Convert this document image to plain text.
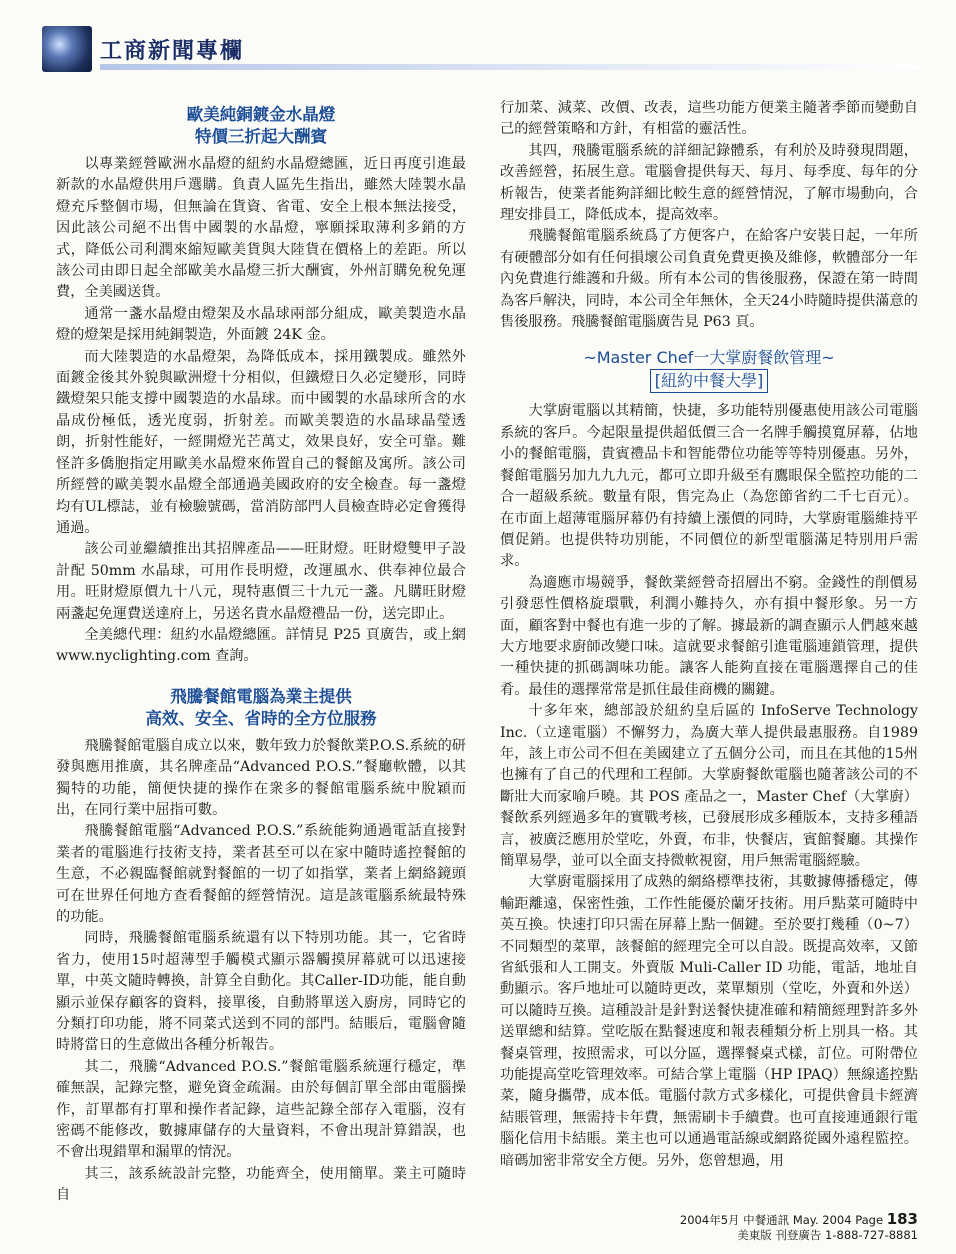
工商新聞專欄
歐美純銅鍍金水晶燈
特價三折起大酬賓

以專業經營歐洲水晶燈的紐約水晶燈總匯，近日再度引進最新款的水晶燈供用戶選購。負責人區先生指出，雖然大陸製水晶燈充斥整個市場，但無論在貨資、省電、安全上根本無法接受，因此該公司絕不出售中國製的水晶燈，寧願採取薄利多銷的方式，降低公司利潤來縮短歐美貨與大陸貨在價格上的差距。所以該公司由即日起全部歐美水晶燈三折大酬賓，外州訂購免稅免運費，全美國送貨。

通常一盞水晶燈由燈架及水晶球兩部分組成，歐美製造水晶燈的燈架是採用純銅製造，外面鍍 24K 金。

而大陸製造的水晶燈架，為降低成本，採用鐵製成。雖然外面鍍金後其外貌與歐洲燈十分相似，但鐵燈日久必定變形，同時鐵燈架只能支撐中國製造的水晶球。而中國製的水晶球所含的水晶成份極低，透光度弱，折射差。而歐美製造的水晶球晶瑩透朗，折射性能好，一經開燈光芒萬丈，效果良好，安全可靠。難怪許多僑胞指定用歐美水晶燈來佈置自己的餐館及寓所。該公司所經營的歐美製水晶燈全部通過美國政府的安全檢查。每一盞燈均有UL標誌，並有檢驗號碼，當消防部門人員檢查時必定會獲得通過。

該公司並繼續推出其招牌產品——旺財燈。旺財燈雙甲子設計配 50mm 水晶球，可用作長明燈，改運風水、供奉神位最合用。旺財燈原價九十八元，現特惠價三十九元一盞。凡購旺財燈兩盞起免運費送達府上，另送名貴水晶燈禮品一份，送完即止。

全美總代理：紐約水晶燈總匯。詳情見 P25 頁廣告，或上網 www.nyclighting.com 查詢。

飛騰餐館電腦為業主提供
高效、安全、省時的全方位服務

飛騰餐館電腦自成立以來，數年致力於餐飲業P.O.S.系統的研發與應用推廣，其名牌產品“Advanced P.O.S.”餐廳軟體，以其獨特的功能，簡便快捷的操作在衆多的餐館電腦系統中脫穎而出，在同行業中屈指可數。

飛騰餐館電腦“Advanced P.O.S.”系統能夠通過電話直接對業者的電腦進行技術支持，業者甚至可以在家中隨時遙控餐館的生意，不必親臨餐館就對餐館的一切了如指掌，業者上網絡鏡頭可在世界任何地方查看餐館的經營情況。這是該電腦系統最特殊的功能。

同時，飛騰餐館電腦系統還有以下特別功能。其一，它省時省力，使用15吋超薄型手觸模式顯示器觸摸屏幕就可以迅速接單，中英文隨時轉換，計算全自動化。其Caller-ID功能，能自動顯示並保存顧客的資料，接單後，自動將單送入廚房，同時它的分類打印功能，將不同菜式送到不同的部門。結賬后，電腦會隨時將當日的生意做出各種分析報告。

其二，飛騰“Advanced P.O.S.”餐館電腦系統運行穩定，準確無誤，記錄完整，避免資金疏漏。由於每個訂單全部由電腦操作，訂單都有打單和操作者記錄，這些記錄全部存入電腦，沒有密碼不能修改，數據庫儲存的大量資料，不會出現計算錯誤，也不會出現錯單和漏單的情況。

其三，該系統設計完整，功能齊全，使用簡單。業主可隨時自

行加菜、減菜、改價、改表，這些功能方便業主隨著季節而變動自己的經營策略和方針，有相當的靈活性。

其四，飛騰電腦系統的詳細記錄體系，有利於及時發現問題，改善經營，拓展生意。電腦會提供每天、每月、每季度、每年的分析報告，使業者能夠詳細比較生意的經營情況，了解市場動向，合理安排員工，降低成本，提高效率。

飛騰餐館電腦系統爲了方便客户，在給客户安裝日起，一年所有硬體部分如有任何損壞公司負責免費更換及維修，軟體部分一年內免費進行維護和升級。所有本公司的售後服務，保證在第一時間為客戶解決，同時，本公司全年無休，全天24小時隨時提供滿意的售後服務。飛騰餐館電腦廣告見 P63 頁。

~Master Chef一大掌廚餐飲管理~
[紐約中餐大學]

大掌廚電腦以其精簡，快捷，多功能特別優惠使用該公司電腦系統的客戶。今起限量提供超低價三合一名牌手觸摸寬屏幕，佔地小的餐館電腦，貴賓禮品卡和智能帶位功能等等特別優惠。另外，餐館電腦另加九九九元，都可立即升級至有鷹眼保全監控功能的二合一超級系統。數量有限，售完為止（為您節省約二千七百元）。在市面上超薄電腦屏幕仍有持續上漲價的同時，大掌廚電腦維持平價促銷。也提供特功別能，不同價位的新型電腦滿足特別用戶需求。

為適應市場競爭，餐飲業經營奇招層出不窮。金錢性的削價易引發惡性價格旋環戰，利潤小難持久，亦有損中餐形象。另一方面，顧客對中餐也有進一步的了解。據最新的調查顯示人們越來越大方地要求廚師改變口味。這就要求餐館引進電腦連鎖管理，提供一種快捷的抓碼調味功能。讓客人能夠直接在電腦選擇自己的佳肴。最佳的選擇常常是抓住最佳商機的關鍵。

十多年來，總部設於紐約皇后區的 InfoServe Technology Inc.（立達電腦）不懈努力，為廣大華人提供最惠服務。自1989年，該上市公司不但在美國建立了五個分公司，而且在其他的15州也擁有了自己的代理和工程師。大掌廚餐飲電腦也隨著該公司的不斷壯大而家喻戶曉。其 POS 產品之一，Master Chef（大掌廚）餐飲系列經過多年的實戰考核，已發展形成多種版本，支持多種語言，被廣泛應用於堂吃，外賣，布非，快餐店，賓館餐廳。其操作簡單易學，並可以全面支持微軟視窗，用戶無需電腦經驗。

大掌廚電腦採用了成熟的網絡標準技術，其數據傳播穩定，傳輸距離遠，保密性強，工作性能優於蘭牙技術。用戶點菜可隨時中英互換。快速打印只需在屏幕上點一個鍵。至於要打幾種（0~7）不同類型的菜單，該餐館的經理完全可以自設。既提高效率，又節省紙張和人工開支。外賣版 Muli-Caller ID 功能，電話，地址自動顯示。客戶地址可以隨時更改，菜單類別（堂吃，外賣和外送）可以隨時互換。這種設計是針對送餐快捷准確和精簡經理對許多外送單總和結算。堂吃版在點餐速度和報表種類分析上別具一格。其餐桌管理，按照需求，可以分區，選擇餐桌式樣，訂位。可附帶位功能提高堂吃管理效率。可結合掌上電腦（HP IPAQ）無線遙控點菜，隨身攜帶，成本低。電腦付款方式多樣化，可提供會員卡經濟結賬管理，無需持卡年費，無需刷卡手續費。也可直接連通銀行電腦化信用卡結賬。業主也可以通過電話線或網路從國外遠程監控。暗碼加密非常安全方便。另外，您曾想過，用

2004年5月 中餐通訊 May. 2004 Page 183
美東版 刊登廣告 1-888-727-8881
